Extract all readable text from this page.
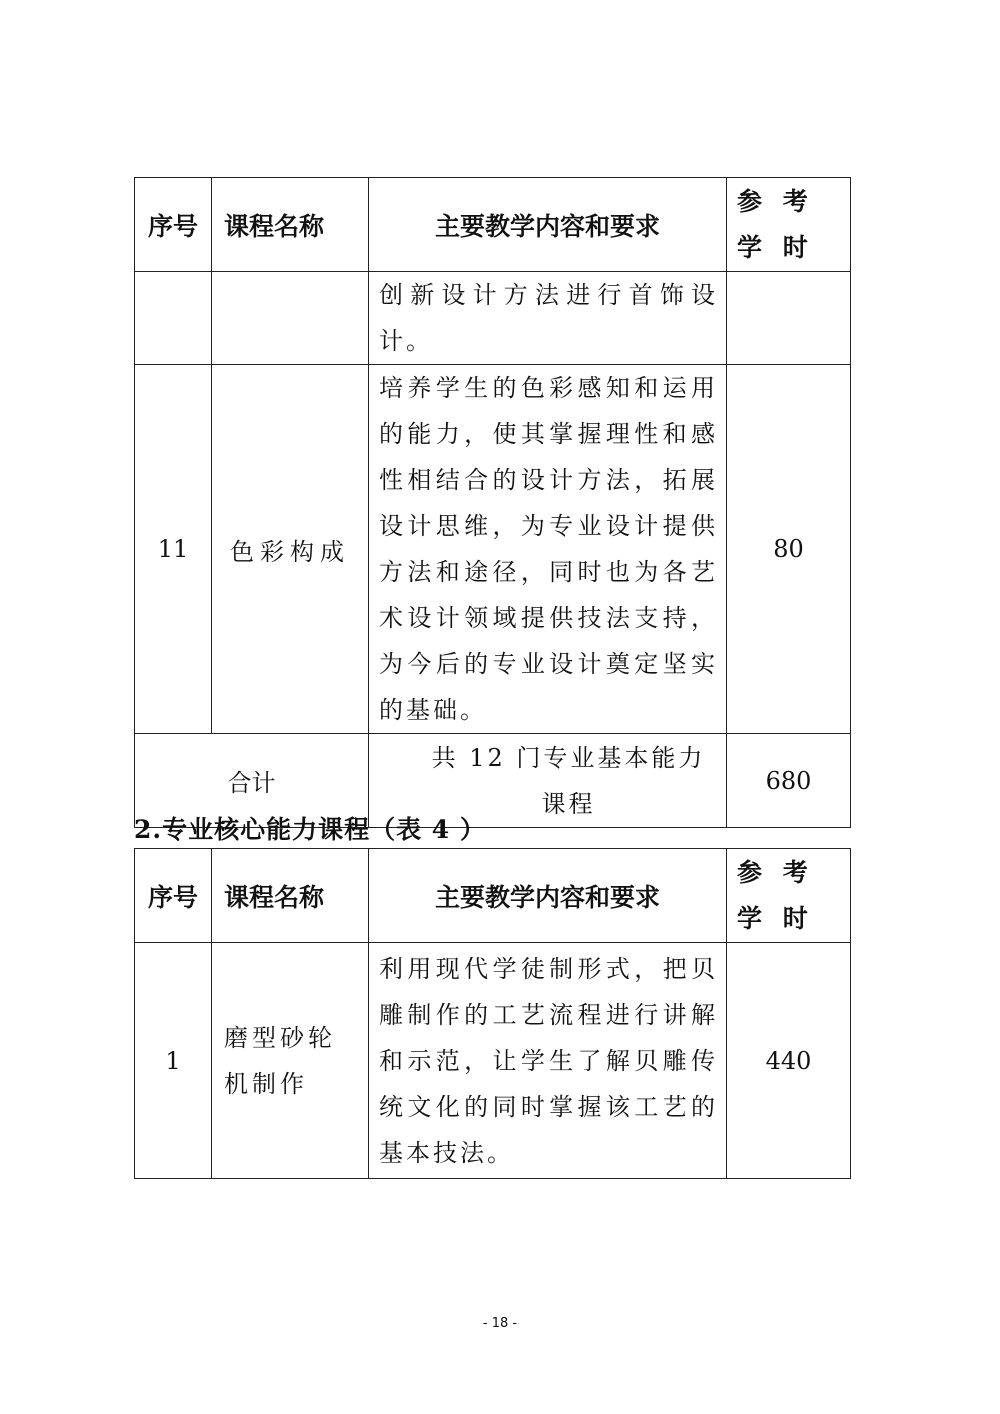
序号	课程名称	主要教学内容和要求	参 考 学 时
		创新设计方法进行首饰设计。	
11	色彩构成	培养学生的色彩感知和运用的能力，使其掌握理性和感性相结合的设计方法，拓展设计思维，为专业设计提供方法和途径，同时也为各艺术设计领域提供技法支持，为今后的专业设计奠定坚实的基础。	80
合计		共 12 门专业基本能力课程	680
2.专业核心能力课程（表 4 ）
序号	课程名称	主要教学内容和要求	参 考 学 时
1	磨型砂轮机制作	利用现代学徒制形式，把贝雕制作的工艺流程进行讲解和示范，让学生了解贝雕传统文化的同时掌握该工艺的基本技法。	440
- 18 -
